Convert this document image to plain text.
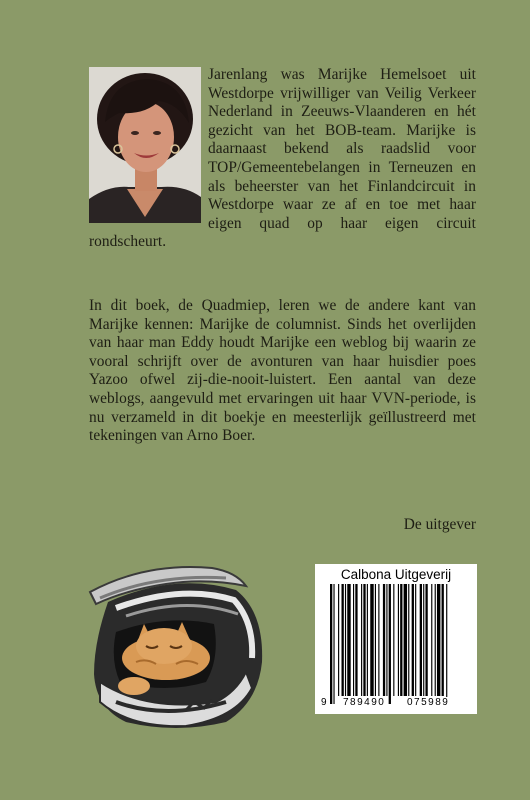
Jarenlang was Marijke Hemelsoet uit Westdorpe vrijwilliger van Veilig Verkeer Nederland in Zeeuws-Vlaanderen en hét gezicht van het BOB-team. Marijke is daarnaast bekend als raadslid voor TOP/Gemeentebelangen in Terneuzen en als beheerster van het Finlandcircuit in Westdorpe waar ze af en toe met haar eigen quad op haar eigen circuit rondscheurt.
In dit boek, de Quadmiep, leren we de andere kant van Marijke kennen: Marijke de columnist. Sinds het overlijden van haar man Eddy houdt Marijke een weblog bij waarin ze vooral schrijft over de avonturen van haar huisdier poes Yazoo ofwel zij-die-nooit-luistert. Een aantal van deze weblogs, aangevuld met ervaringen uit haar VVN-periode, is nu verzameld in dit boekje en meesterlijk geïllustreerd met tekeningen van Arno Boer.
De uitgever
Calbona Uitgeverij
9 789490 075989
